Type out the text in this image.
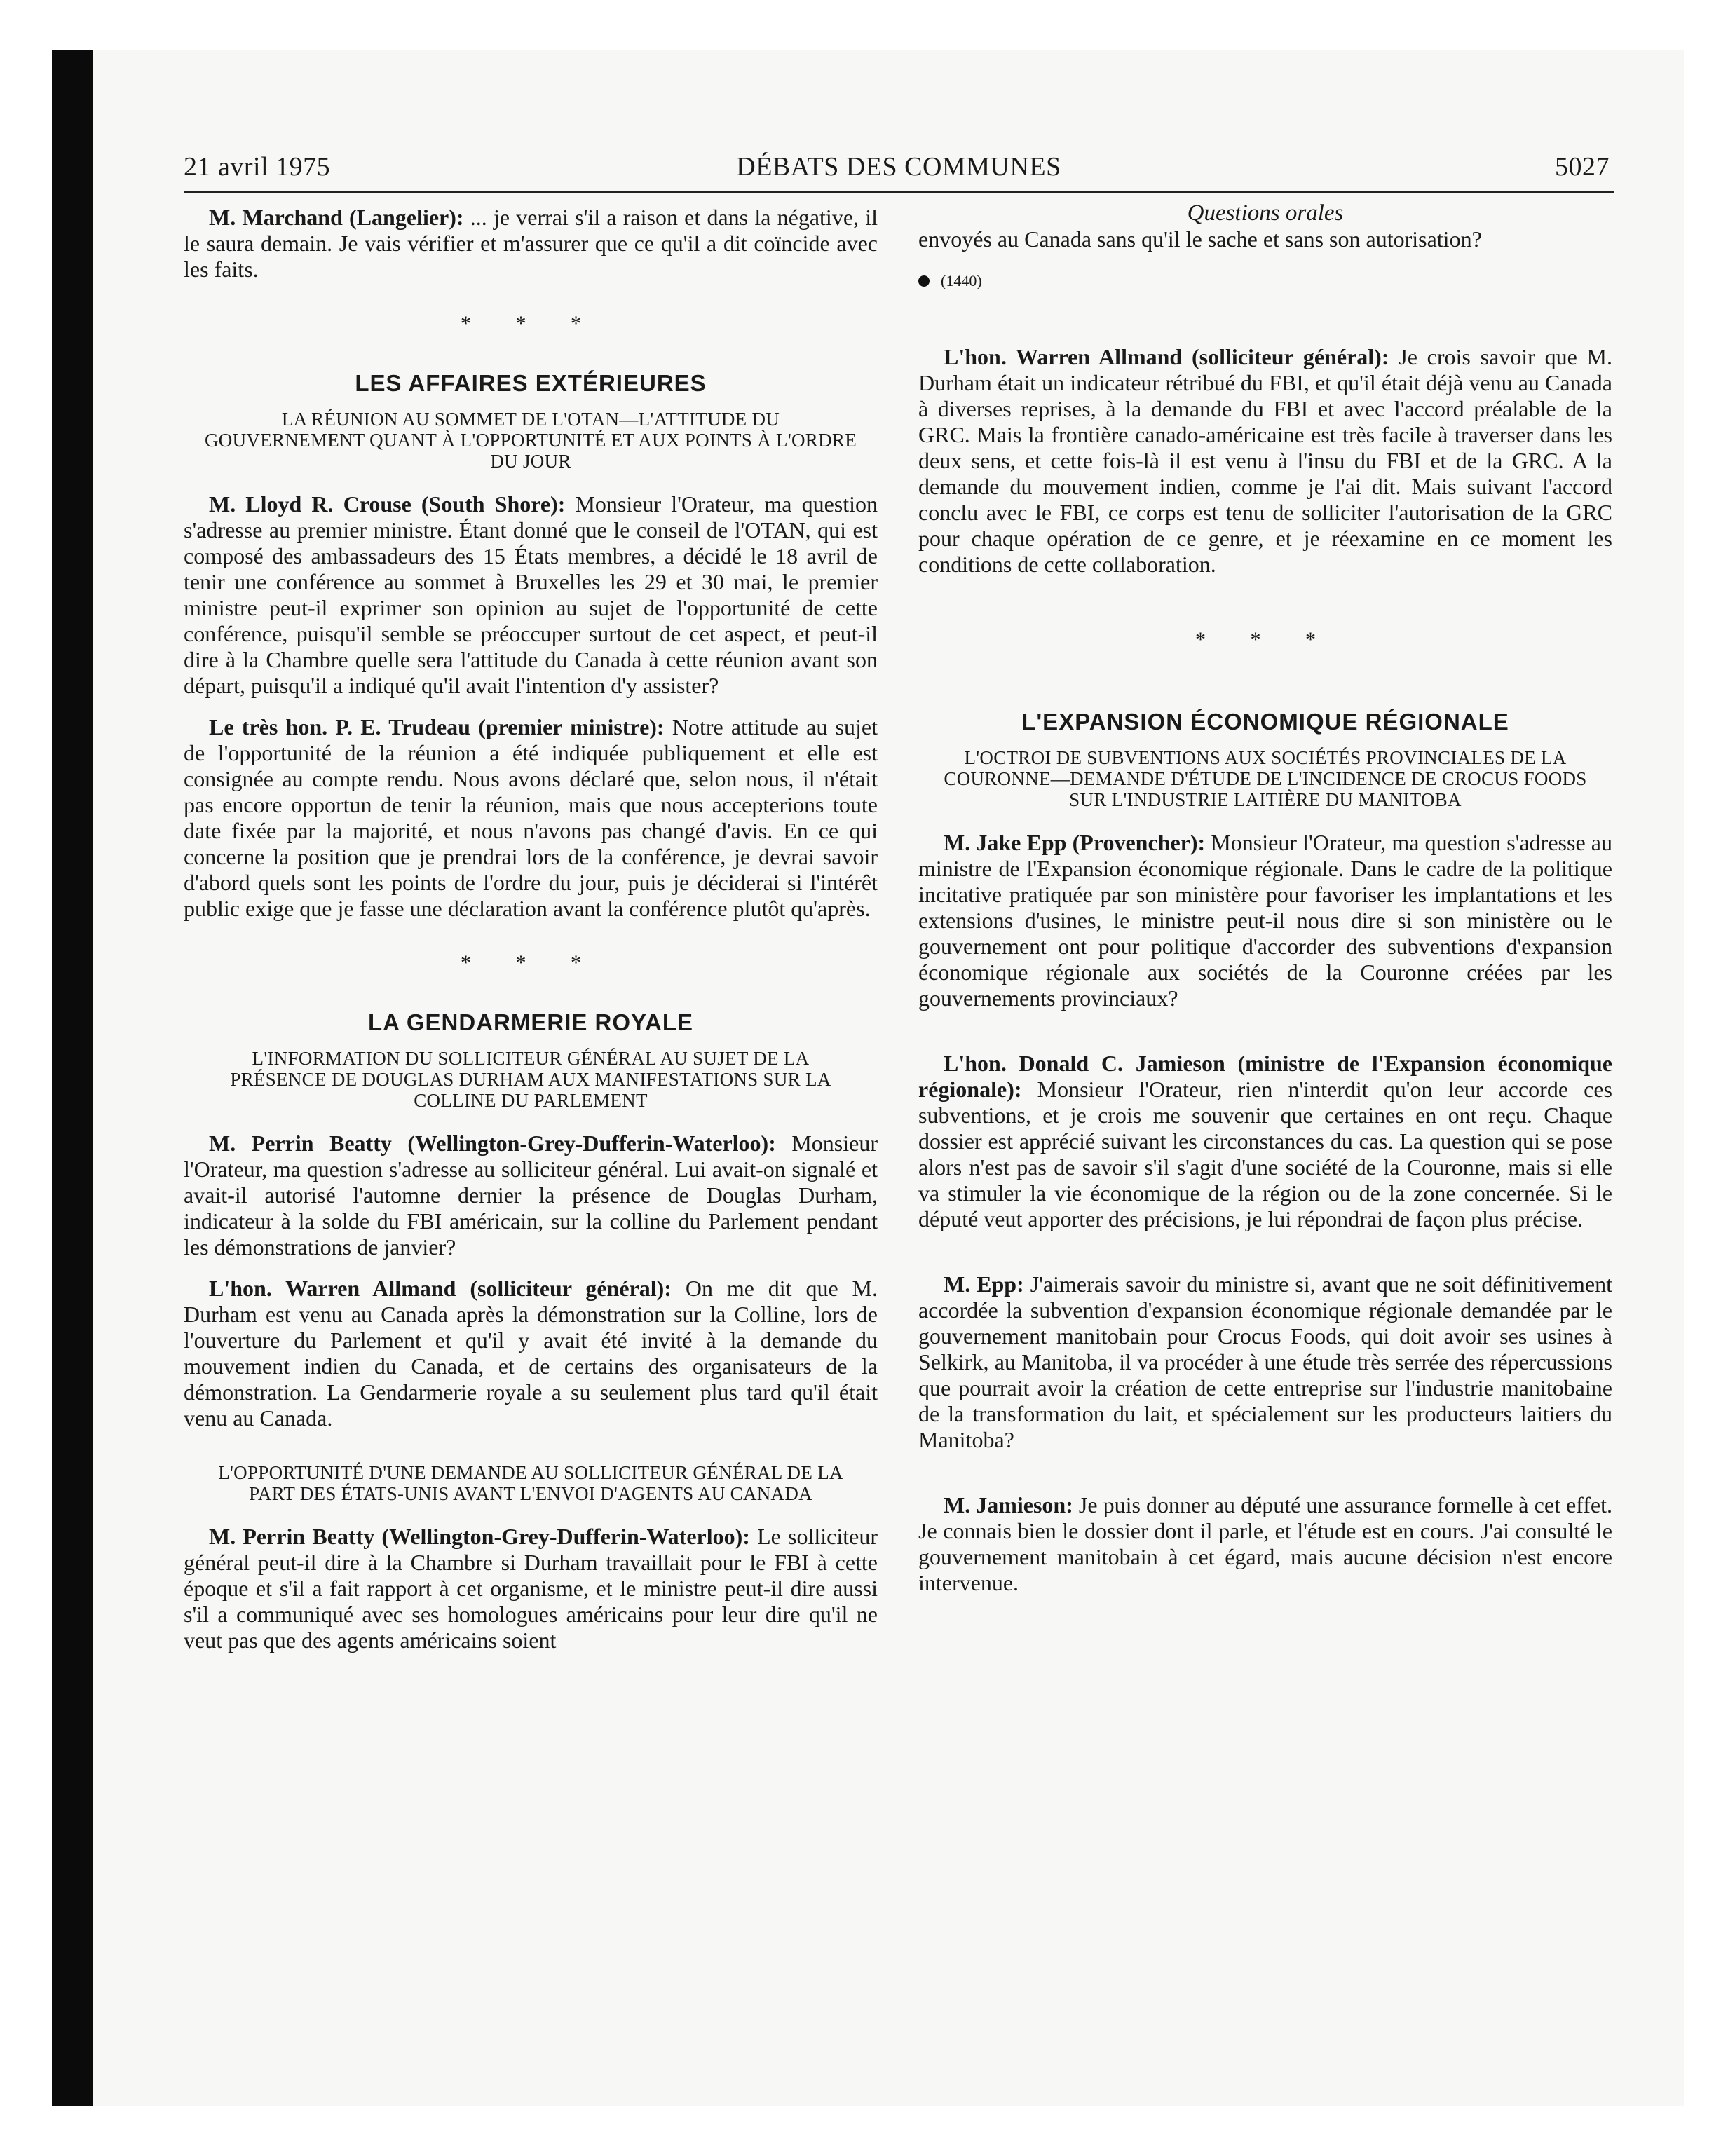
21 avril 1975	DÉBATS DES COMMUNES	5027

M. Marchand (Langelier): ... je verrai s'il a raison et dans la négative, il le saura demain. Je vais vérifier et m'assurer que ce qu'il a dit coïncide avec les faits.

* * *
LES AFFAIRES EXTÉRIEURES
LA RÉUNION AU SOMMET DE L'OTAN—L'ATTITUDE DU GOUVERNEMENT QUANT À L'OPPORTUNITÉ ET AUX POINTS À L'ORDRE DU JOUR

M. Lloyd R. Crouse (South Shore): Monsieur l'Orateur, ma question s'adresse au premier ministre. Étant donné que le conseil de l'OTAN, qui est composé des ambassadeurs des 15 États membres, a décidé le 18 avril de tenir une conférence au sommet à Bruxelles les 29 et 30 mai, le premier ministre peut-il exprimer son opinion au sujet de l'opportunité de cette conférence, puisqu'il semble se préoccuper surtout de cet aspect, et peut-il dire à la Chambre quelle sera l'attitude du Canada à cette réunion avant son départ, puisqu'il a indiqué qu'il avait l'intention d'y assister?

Le très hon. P. E. Trudeau (premier ministre): Notre attitude au sujet de l'opportunité de la réunion a été indiquée publiquement et elle est consignée au compte rendu. Nous avons déclaré que, selon nous, il n'était pas encore opportun de tenir la réunion, mais que nous accepterions toute date fixée par la majorité, et nous n'avons pas changé d'avis. En ce qui concerne la position que je prendrai lors de la conférence, je devrai savoir d'abord quels sont les points de l'ordre du jour, puis je déciderai si l'intérêt public exige que je fasse une déclaration avant la conférence plutôt qu'après.

* * *
LA GENDARMERIE ROYALE
L'INFORMATION DU SOLLICITEUR GÉNÉRAL AU SUJET DE LA PRÉSENCE DE DOUGLAS DURHAM AUX MANIFESTATIONS SUR LA COLLINE DU PARLEMENT

M. Perrin Beatty (Wellington-Grey-Dufferin-Waterloo): Monsieur l'Orateur, ma question s'adresse au solliciteur général. Lui avait-on signalé et avait-il autorisé l'automne dernier la présence de Douglas Durham, indicateur à la solde du FBI américain, sur la colline du Parlement pendant les démonstrations de janvier?

L'hon. Warren Allmand (solliciteur général): On me dit que M. Durham est venu au Canada après la démonstration sur la Colline, lors de l'ouverture du Parlement et qu'il y avait été invité à la demande du mouvement indien du Canada, et de certains des organisateurs de la démonstration. La Gendarmerie royale a su seulement plus tard qu'il était venu au Canada.

L'OPPORTUNITÉ D'UNE DEMANDE AU SOLLICITEUR GÉNÉRAL DE LA PART DES ÉTATS-UNIS AVANT L'ENVOI D'AGENTS AU CANADA

M. Perrin Beatty (Wellington-Grey-Dufferin-Waterloo): Le solliciteur général peut-il dire à la Chambre si Durham travaillait pour le FBI à cette époque et s'il a fait rapport à cet organisme, et le ministre peut-il dire aussi s'il a communiqué avec ses homologues américains pour leur dire qu'il ne veut pas que des agents américains soient

Questions orales

envoyés au Canada sans qu'il le sache et sans son autorisation?

(1440)

L'hon. Warren Allmand (solliciteur général): Je crois savoir que M. Durham était un indicateur rétribué du FBI, et qu'il était déjà venu au Canada à diverses reprises, à la demande du FBI et avec l'accord préalable de la GRC. Mais la frontière canado-américaine est très facile à traverser dans les deux sens, et cette fois-là il est venu à l'insu du FBI et de la GRC. A la demande du mouvement indien, comme je l'ai dit. Mais suivant l'accord conclu avec le FBI, ce corps est tenu de solliciter l'autorisation de la GRC pour chaque opération de ce genre, et je réexamine en ce moment les conditions de cette collaboration.

* * *
L'EXPANSION ÉCONOMIQUE RÉGIONALE
L'OCTROI DE SUBVENTIONS AUX SOCIÉTÉS PROVINCIALES DE LA COURONNE—DEMANDE D'ÉTUDE DE L'INCIDENCE DE CROCUS FOODS SUR L'INDUSTRIE LAITIÈRE DU MANITOBA

M. Jake Epp (Provencher): Monsieur l'Orateur, ma question s'adresse au ministre de l'Expansion économique régionale. Dans le cadre de la politique incitative pratiquée par son ministère pour favoriser les implantations et les extensions d'usines, le ministre peut-il nous dire si son ministère ou le gouvernement ont pour politique d'accorder des subventions d'expansion économique régionale aux sociétés de la Couronne créées par les gouvernements provinciaux?

L'hon. Donald C. Jamieson (ministre de l'Expansion économique régionale): Monsieur l'Orateur, rien n'interdit qu'on leur accorde ces subventions, et je crois me souvenir que certaines en ont reçu. Chaque dossier est apprécié suivant les circonstances du cas. La question qui se pose alors n'est pas de savoir s'il s'agit d'une société de la Couronne, mais si elle va stimuler la vie économique de la région ou de la zone concernée. Si le député veut apporter des précisions, je lui répondrai de façon plus précise.

M. Epp: J'aimerais savoir du ministre si, avant que ne soit définitivement accordée la subvention d'expansion économique régionale demandée par le gouvernement manitobain pour Crocus Foods, qui doit avoir ses usines à Selkirk, au Manitoba, il va procéder à une étude très serrée des répercussions que pourrait avoir la création de cette entreprise sur l'industrie manitobaine de la transformation du lait, et spécialement sur les producteurs laitiers du Manitoba?

M. Jamieson: Je puis donner au député une assurance formelle à cet effet. Je connais bien le dossier dont il parle, et l'étude est en cours. J'ai consulté le gouvernement manitobain à cet égard, mais aucune décision n'est encore intervenue.
